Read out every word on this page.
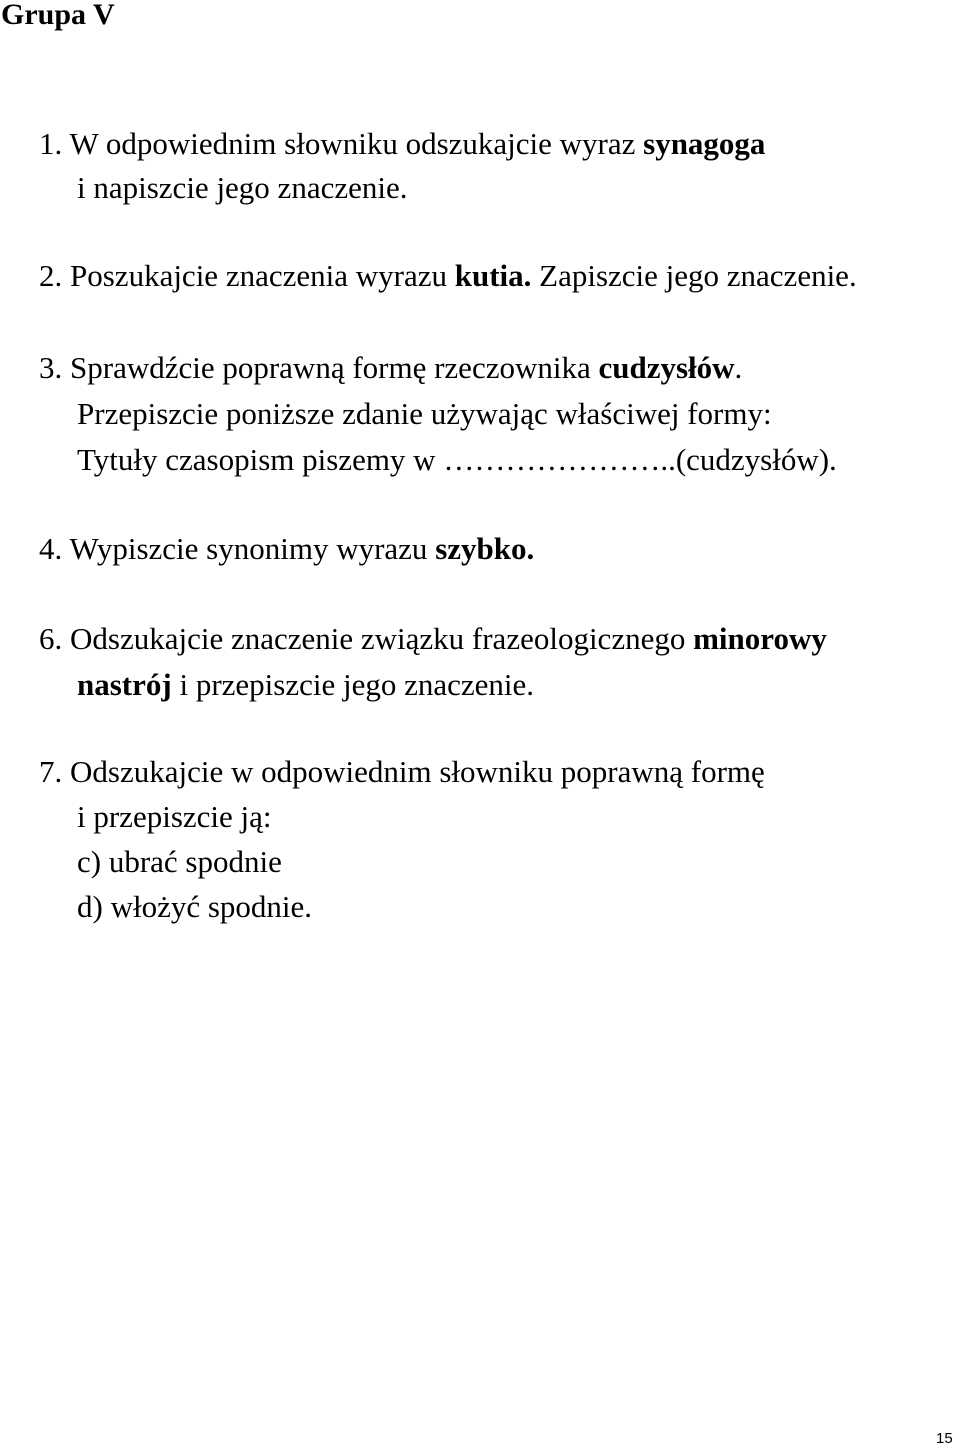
Grupa V
1. W odpowiednim słowniku odszukajcie wyraz synagoga
i napiszcie jego znaczenie.
2. Poszukajcie znaczenia wyrazu kutia. Zapiszcie jego znaczenie.
3. Sprawdźcie poprawną formę rzeczownika cudzysłów.
Przepiszcie poniższe zdanie używając właściwej formy:
Tytuły czasopism piszemy w …………………..(cudzysłów).
4. Wypiszcie synonimy wyrazu szybko.
6. Odszukajcie znaczenie związku frazeologicznego minorowy
nastrój i przepiszcie jego znaczenie.
7. Odszukajcie w odpowiednim słowniku poprawną formę
i przepiszcie ją:
c) ubrać spodnie
d) włożyć spodnie.
15
